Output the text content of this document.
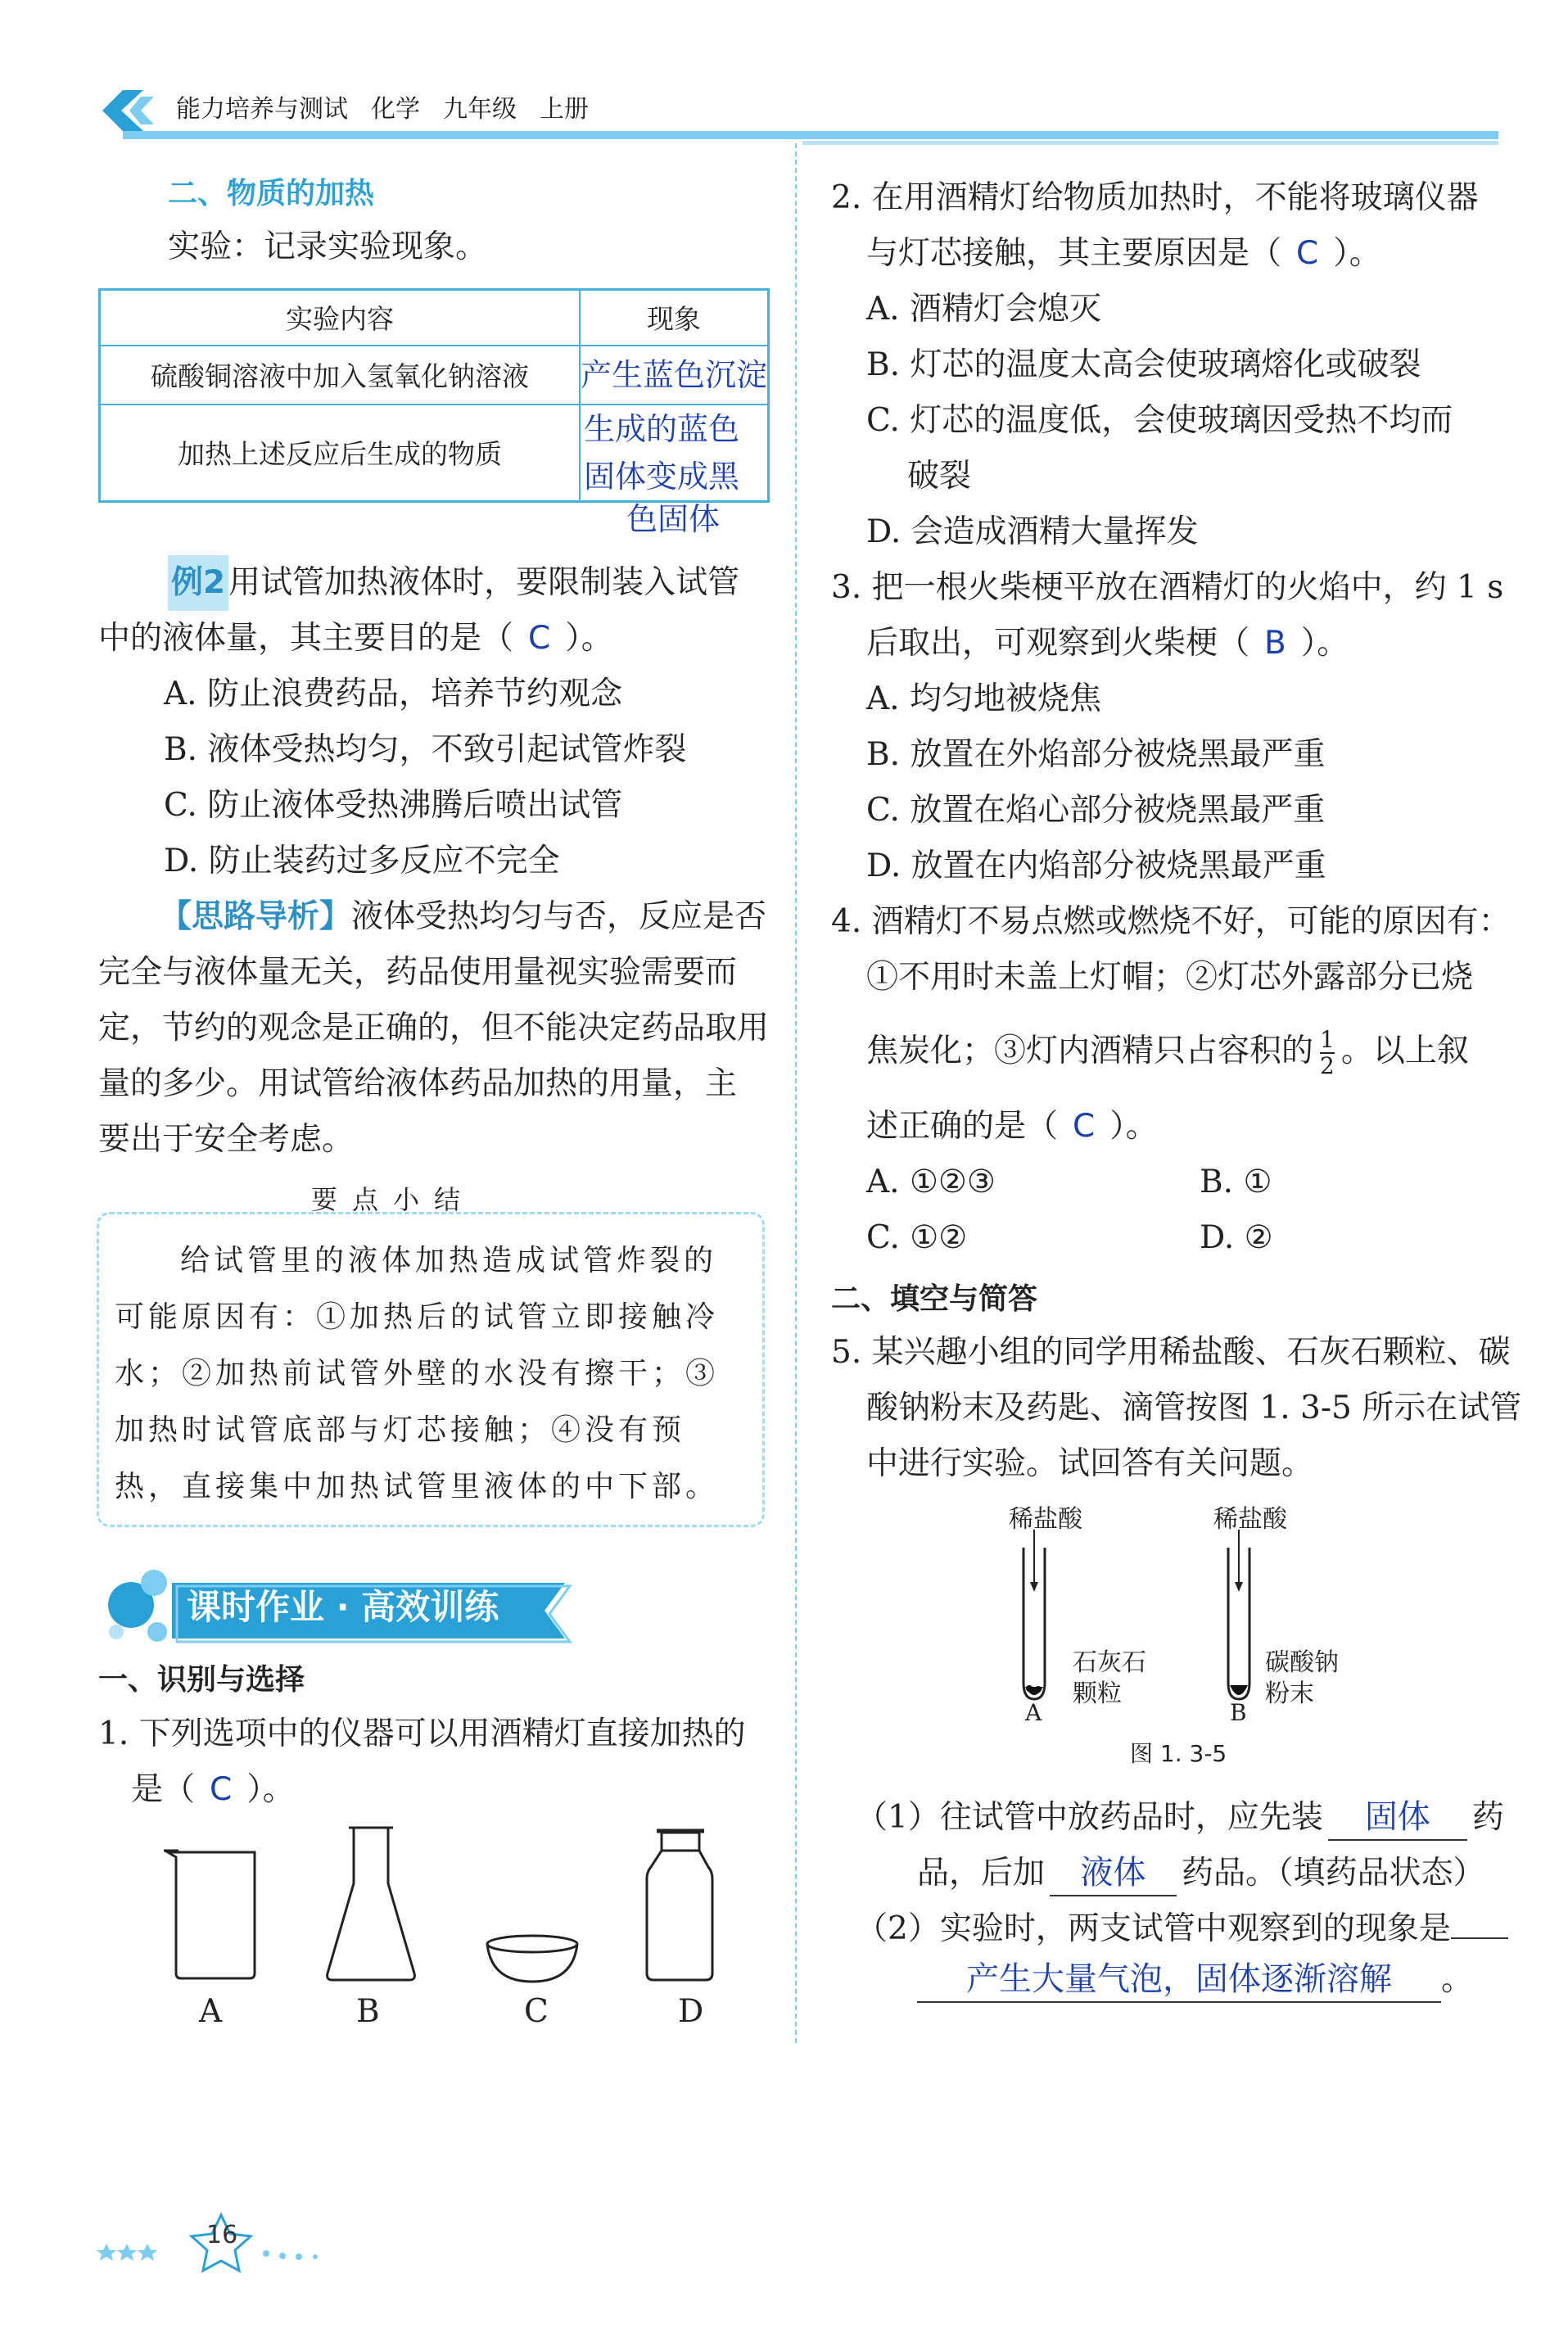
能力培养与测试 化学 九年级 上册
二、物质的加热
实验：记录实验现象。
实验内容	现象
硫酸铜溶液中加入氢氧化钠溶液	产生蓝色沉淀
加热上述反应后生成的物质	生成的蓝色
固体变成黑
色固体
例2 用试管加热液体时，要限制装入试管
中的液体量，其主要目的是（ C ）。
A. 防止浪费药品，培养节约观念
B. 液体受热均匀，不致引起试管炸裂
C. 防止液体受热沸腾后喷出试管
D. 防止装药过多反应不完全
【思路导析】液体受热均匀与否，反应是否
完全与液体量无关，药品使用量视实验需要而
定，节约的观念是正确的，但不能决定药品取用
量的多少。用试管给液体药品加热的用量，主
要出于安全考虑。
要点小结
给试管里的液体加热造成试管炸裂的可能原因有：①加热后的试管立即接触冷水；②加热前试管外壁的水没有擦干；③加热时试管底部与灯芯接触；④没有预热，直接集中加热试管里液体的中下部。
课时作业 · 高效训练
一、识别与选择
1. 下列选项中的仪器可以用酒精灯直接加热的
是（ C ）。
A	B	C	D
2. 在用酒精灯给物质加热时，不能将玻璃仪器
与灯芯接触，其主要原因是（ C ）。
A. 酒精灯会熄灭
B. 灯芯的温度太高会使玻璃熔化或破裂
C. 灯芯的温度低，会使玻璃因受热不均而
破裂
D. 会造成酒精大量挥发
3. 把一根火柴梗平放在酒精灯的火焰中，约 1 s
后取出，可观察到火柴梗（ B ）。
A. 均匀地被烧焦
B. 放置在外焰部分被烧黑最严重
C. 放置在焰心部分被烧黑最严重
D. 放置在内焰部分被烧黑最严重
4. 酒精灯不易点燃或燃烧不好，可能的原因有：
①不用时未盖上灯帽；②灯芯外露部分已烧
焦炭化；③灯内酒精只占容积的 $\frac{1}{2}$ 。以上叙
述正确的是（ C ）。
A. ①②③	B. ①
C. ①②	D. ②
二、填空与简答
5. 某兴趣小组的同学用稀盐酸、石灰石颗粒、碳
酸钠粉末及药匙、滴管按图 1. 3-5 所示在试管
中进行实验。试回答有关问题。
稀盐酸	稀盐酸
石灰石
颗粒
碳酸钠
粉末
A	B
图 1. 3-5
（1）往试管中放药品时，应先装 固体 药
品，后加 液体 药品。（填药品状态）
（2）实验时，两支试管中观察到的现象是
产生大量气泡，固体逐渐溶解 。
16
